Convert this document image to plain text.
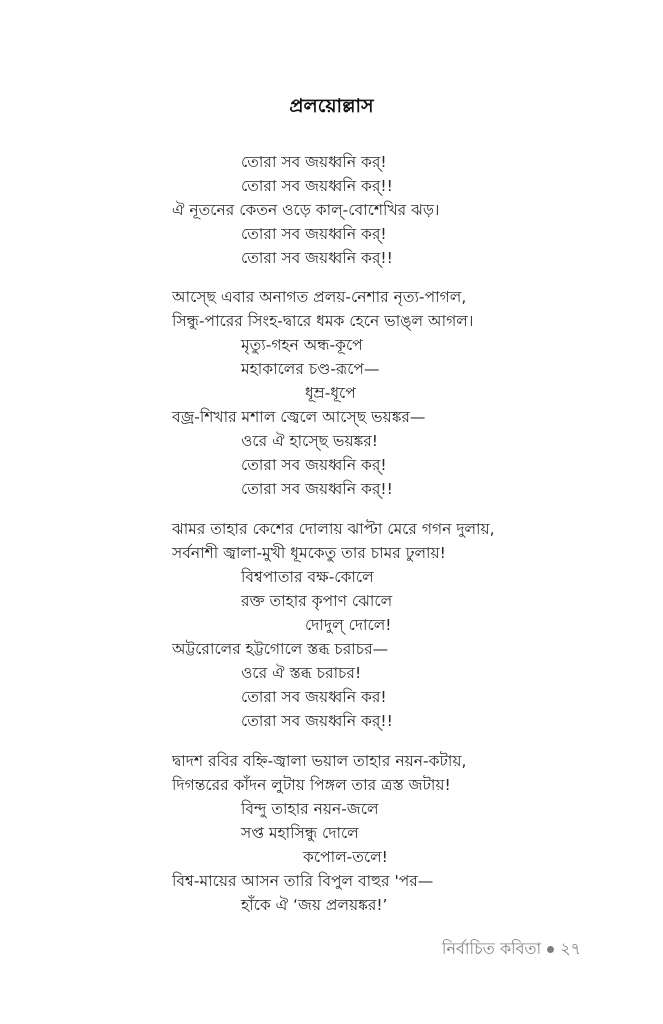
প্রলয়োল্লাস
তোরা সব জয়ধ্বনি কর্!
তোরা সব জয়ধ্বনি কর্!!
ঐ নূতনের কেতন ওড়ে কাল্-বোশেখির ঝড়।
তোরা সব জয়ধ্বনি কর্!
তোরা সব জয়ধ্বনি কর্!!
আস্ছে এবার অনাগত প্রলয়-নেশার নৃত্য-পাগল,
সিন্ধু-পারের সিংহ-দ্বারে ধমক হেনে ভাঙ্ল আগল।
মৃত্যু-গহন অন্ধ-কূপে
মহাকালের চণ্ড-রূপে—
ধূম্র-ধূপে
বজ্র-শিখার মশাল জ্বেলে আস্ছে ভয়ঙ্কর—
ওরে ঐ হাস্ছে ভয়ঙ্কর!
তোরা সব জয়ধ্বনি কর্!
তোরা সব জয়ধ্বনি কর্!!
ঝামর তাহার কেশের দোলায় ঝাপ্টা মেরে গগন দুলায়,
সর্বনাশী জ্বালা-মুখী ধূমকেতু তার চামর ঢুলায়!
বিশ্বপাতার বক্ষ-কোলে
রক্ত তাহার কৃপাণ ঝোলে
দোদুল্ দোলে!
অট্টরোলের হট্টগোলে স্তব্ধ চরাচর—
ওরে ঐ স্তব্ধ চরাচর!
তোরা সব জয়ধ্বনি কর!
তোরা সব জয়ধ্বনি কর্!!
দ্বাদশ রবির বহ্নি-জ্বালা ভয়াল তাহার নয়ন-কটায়,
দিগন্তরের কাঁদন লুটায় পিঙ্গল তার ত্রস্ত জটায়!
বিন্দু তাহার নয়ন-জলে
সপ্ত মহাসিন্ধু দোলে
কপোল-তলে!
বিশ্ব-মায়ের আসন তারি বিপুল বাহুর 'পর—
হাঁকে ঐ ‘জয় প্রলয়ঙ্কর!’
নির্বাচিত কবিতা ২৭
